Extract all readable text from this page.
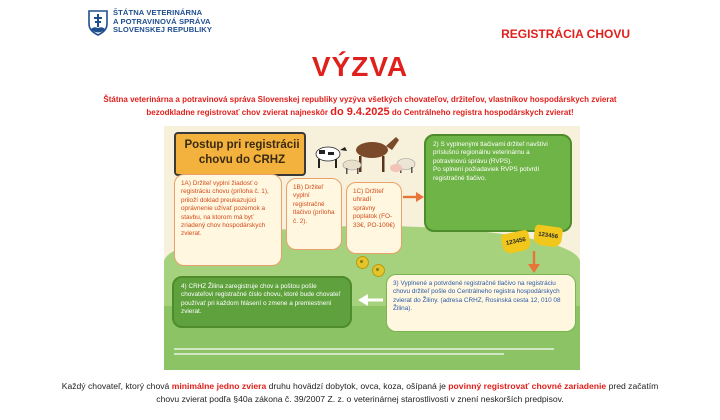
ŠTÁTNA VETERINÁRNA
A POTRAVINOVÁ SPRÁVA
SLOVENSKEJ REPUBLIKY	REGISTRÁCIA CHOVU
VÝZVA
Štátna veterinárna a potravinová správa Slovenskej republiky vyzýva všetkých chovateľov, držiteľov, vlastníkov hospodárskych zvierat
bezodkladne registrovať chov zvierat najneskôr do 9.4.2025 do Centrálneho registra hospodárskych zvierat!
Postup pri registrácii
chovu do CRHZ
1A) Držiteľ vyplní žiadosť o registráciu chovu (príloha č. 1), priloží doklad preukazujúci oprávnenie užívať pozemok a stavbu, na ktorom má byť zriadený chov hospodárskych zvierat.
1B) Držiteľ vyplní registračné tlačivo (príloha č. 2).
1C) Držiteľ uhradí správny poplatok (FO- 33€, PO-100€)
2) S vyplnenými tlačivami držiteľ navštívi príslušnú regionálnu veterinárnu a potravinovú správu (RVPS).
Po splnení požiadaviek RVPS potvrdí registračné tlačivo.
123456
123456
3) Vyplnené a potvrdené registračné tlačivo na registráciu chovu držiteľ pošle do Centrálneho registra hospodárskych zvierat do Žiliny. (adresa CRHZ, Rosinská cesta 12, 010 08 Žilina).
4) CRHZ Žilina zaregistruje chov a poštou pošle chovateľovi registračné číslo chovu, ktoré bude chovateľ používať pri každom hlásení o zmene a premiestnení zvierat.
Každý chovateľ, ktorý chová minimálne jedno zviera druhu hovädzí dobytok, ovca, koza, ošípaná je povinný registrovať chovné zariadenie pred začatím chovu zvierat podľa §40a zákona č. 39/2007 Z. z. o veterinárnej starostlivosti v znení neskorších predpisov.
